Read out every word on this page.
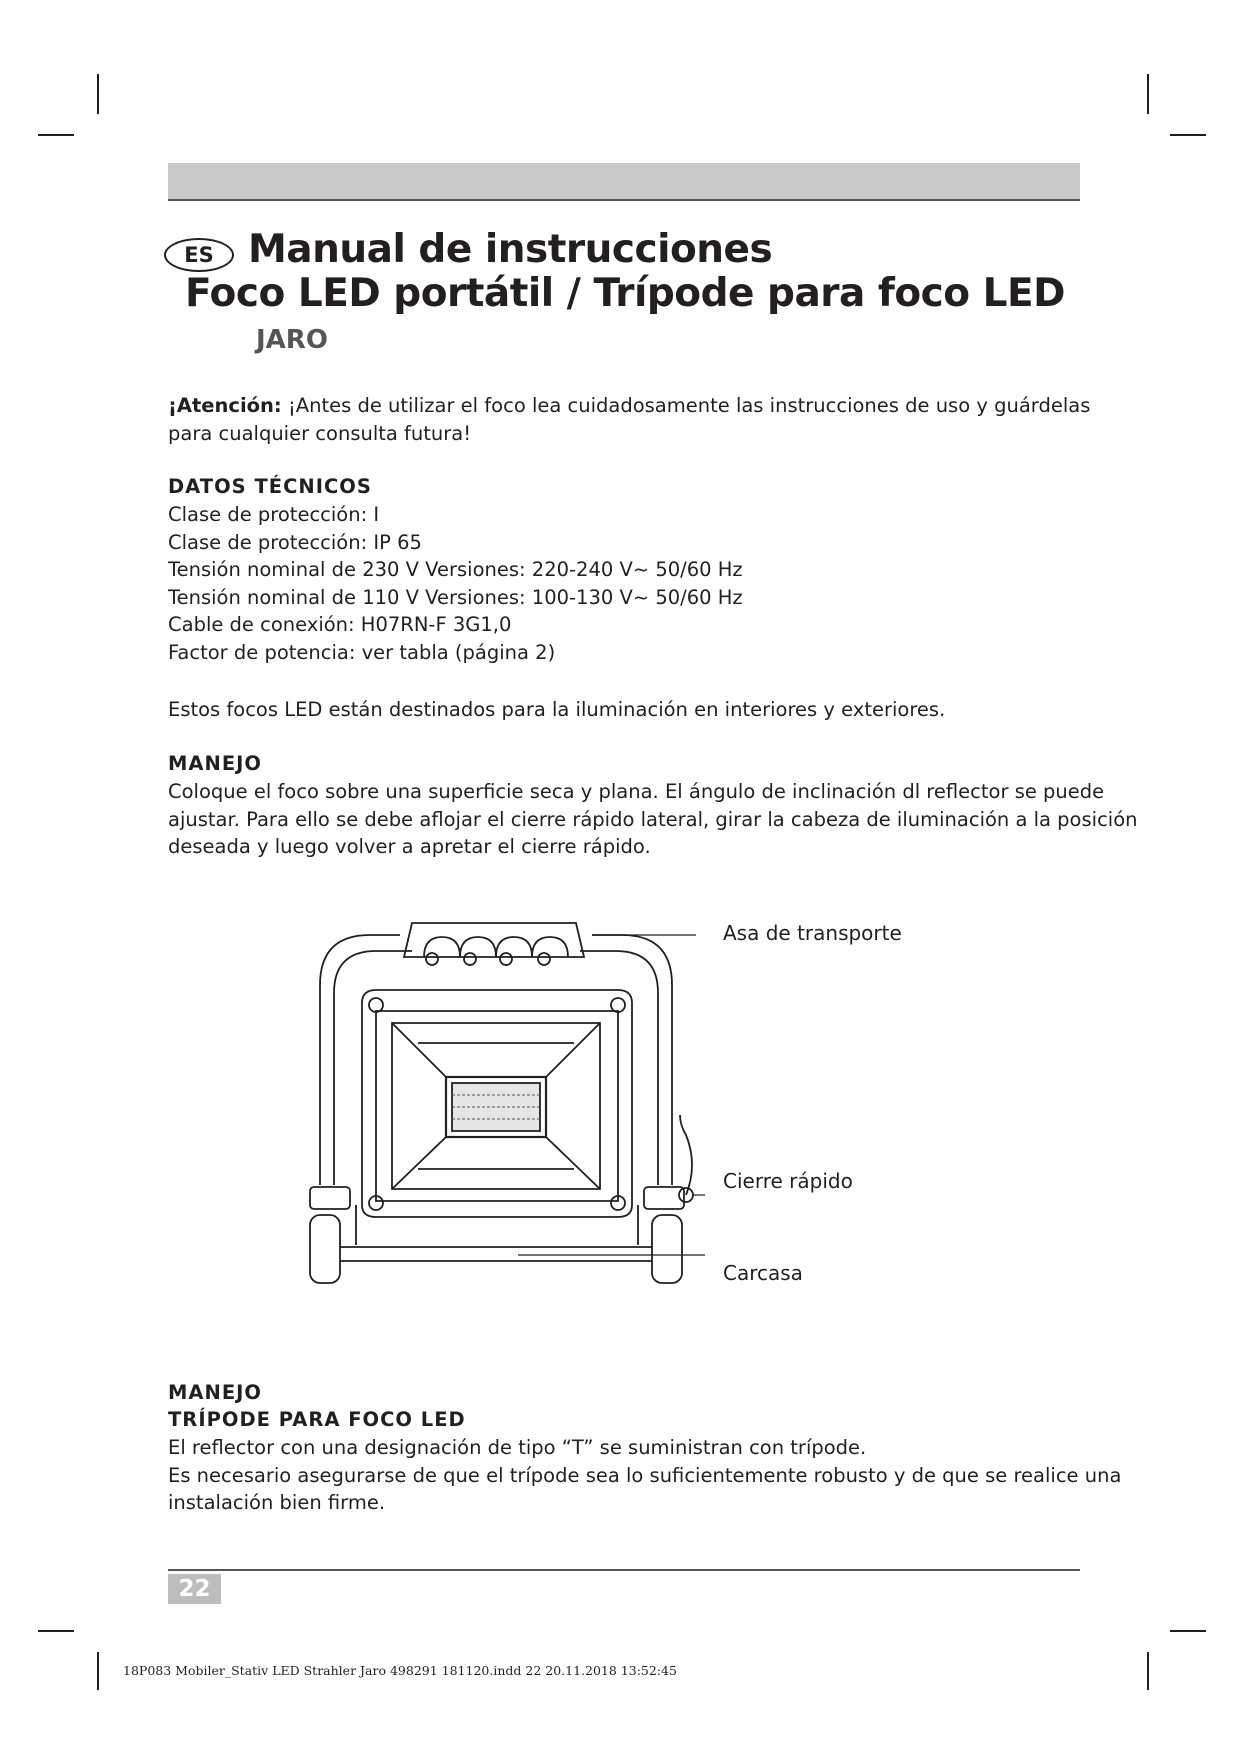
ES Manual de instrucciones
Foco LED portátil / Trípode para foco LED
JARO
¡Atención: ¡Antes de utilizar el foco lea cuidadosamente las instrucciones de uso y guárdelas
para cualquier consulta futura!
DATOS TÉCNICOS
Clase de protección: I
Clase de protección: IP 65
Tensión nominal de 230 V Versiones: 220-240 V~ 50/60 Hz
Tensión nominal de 110 V Versiones: 100-130 V~ 50/60 Hz
Cable de conexión: H07RN-F 3G1,0
Factor de potencia: ver tabla (página 2)
Estos focos LED están destinados para la iluminación en interiores y exteriores.
MANEJO
Coloque el foco sobre una superficie seca y plana. El ángulo de inclinación dl reflector se puede
ajustar. Para ello se debe aflojar el cierre rápido lateral, girar la cabeza de iluminación a la posición
deseada y luego volver a apretar el cierre rápido.
Asa de transporte
Cierre rápido
Carcasa
MANEJO
TRÍPODE PARA FOCO LED
El reflector con una designación de tipo “T” se suministran con trípode.
Es necesario asegurarse de que el trípode sea lo suficientemente robusto y de que se realice una
instalación bien firme.
22
18P083 Mobiler_Stativ LED Strahler Jaro 498291 181120.indd 22 20.11.2018 13:52:45
